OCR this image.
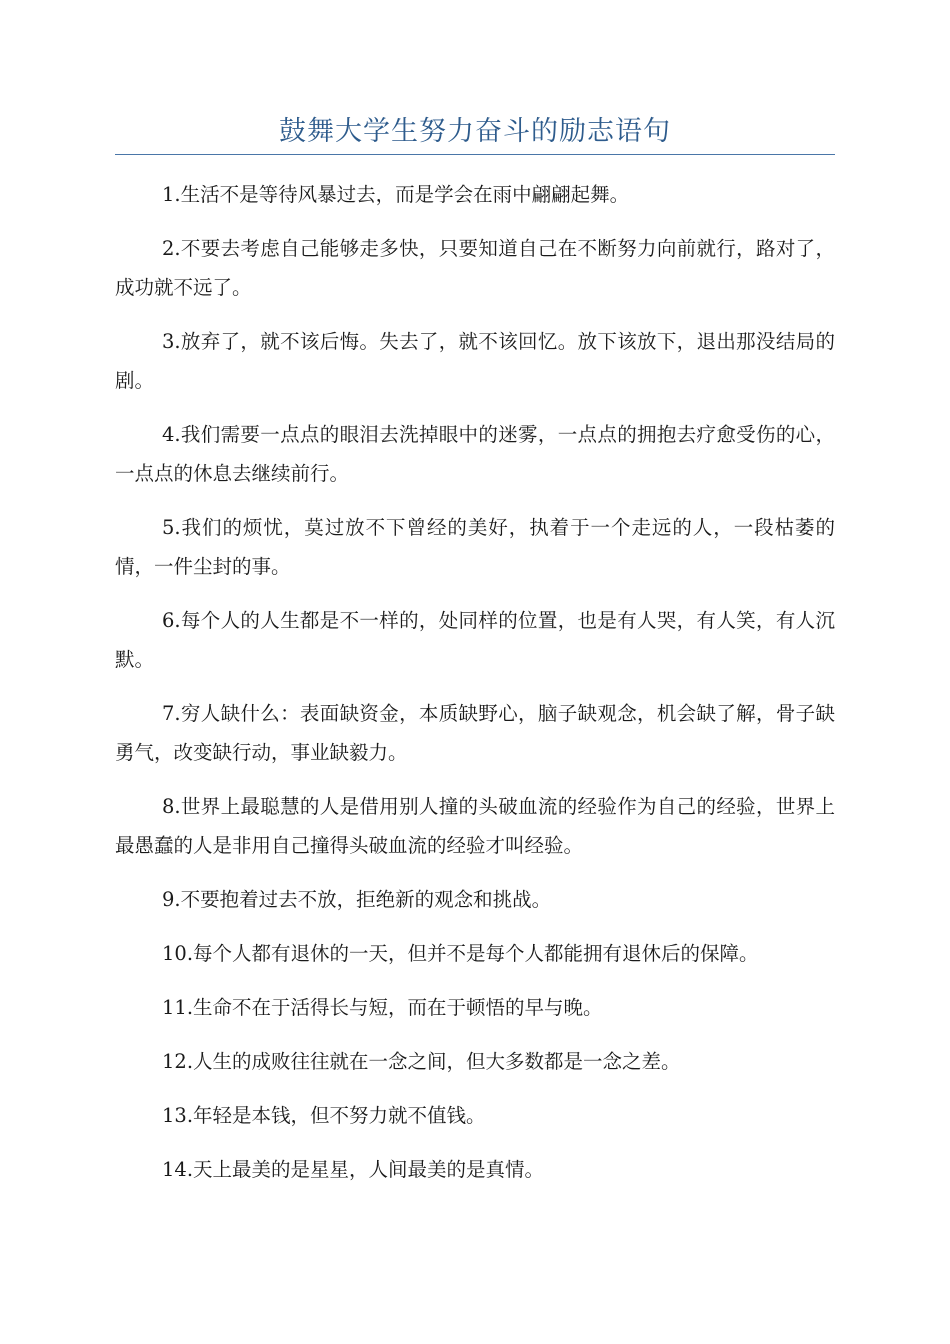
鼓舞大学生努力奋斗的励志语句

1.生活不是等待风暴过去，而是学会在雨中翩翩起舞。

2.不要去考虑自己能够走多快，只要知道自己在不断努力向前就行，路对了，成功就不远了。

3.放弃了，就不该后悔。失去了，就不该回忆。放下该放下，退出那没结局的剧。

4.我们需要一点点的眼泪去洗掉眼中的迷雾，一点点的拥抱去疗愈受伤的心，一点点的休息去继续前行。

5.我们的烦忧，莫过放不下曾经的美好，执着于一个走远的人，一段枯萎的情，一件尘封的事。

6.每个人的人生都是不一样的，处同样的位置，也是有人哭，有人笑，有人沉默。

7.穷人缺什么：表面缺资金，本质缺野心，脑子缺观念，机会缺了解，骨子缺勇气，改变缺行动，事业缺毅力。

8.世界上最聪慧的人是借用别人撞的头破血流的经验作为自己的经验，世界上最愚蠢的人是非用自己撞得头破血流的经验才叫经验。

9.不要抱着过去不放，拒绝新的观念和挑战。

10.每个人都有退休的一天，但并不是每个人都能拥有退休后的保障。

11.生命不在于活得长与短，而在于顿悟的早与晚。

12.人生的成败往往就在一念之间，但大多数都是一念之差。

13.年轻是本钱，但不努力就不值钱。

14.天上最美的是星星，人间最美的是真情。
